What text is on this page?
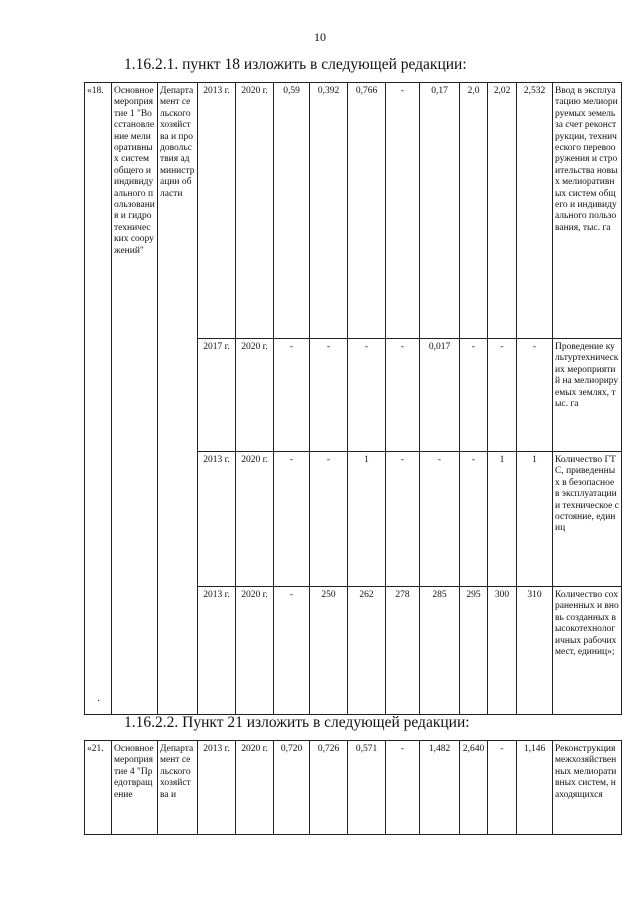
10
1.16.2.1. пункт 18 изложить в следующей редакции:
«18.	Основное мероприятие 1 "Восстановление мелиоративных систем общего и индивидуального пользования и гидротехнических сооружений"	Департамент сельского хозяйства и продовольствия администрации области	2013 г.	2020 г.	0,59	0,392	0,766	-	0,17	2,0	2,02	2,532	Ввод в эксплуатацию мелиорируемых земель за счет реконструкции, технического перевооружения и строительства новых мелиоративных систем общего и индивидуального пользования, тыс. га
			2017 г.	2020 г.	-	-	-	-	0,017	-	-	-	Проведение культуртехнических мероприятий на мелиорируемых землях, тыс. га
			2013 г.	2020 г.	-	-	1	-	-	-	1	1	Количество ГТС, приведенных в безопасное в эксплуатации и техническое состояние, единиц
			2013 г.	2020 г.	-	250	262	278	285	295	300	310	Количество сохраненных и вновь созданных высокотехнологичных рабочих мест, единиц»;
·
1.16.2.2. Пункт 21 изложить в следующей редакции:
«21.	Основное мероприятие 4 "Предотвращение	Департамент сельского хозяйства и	2013 г.	2020 г.	0,720	0,726	0,571	-	1,482	2,640	-	1,146	Реконструкция межхозяйственных мелиоративных систем, находящихся
